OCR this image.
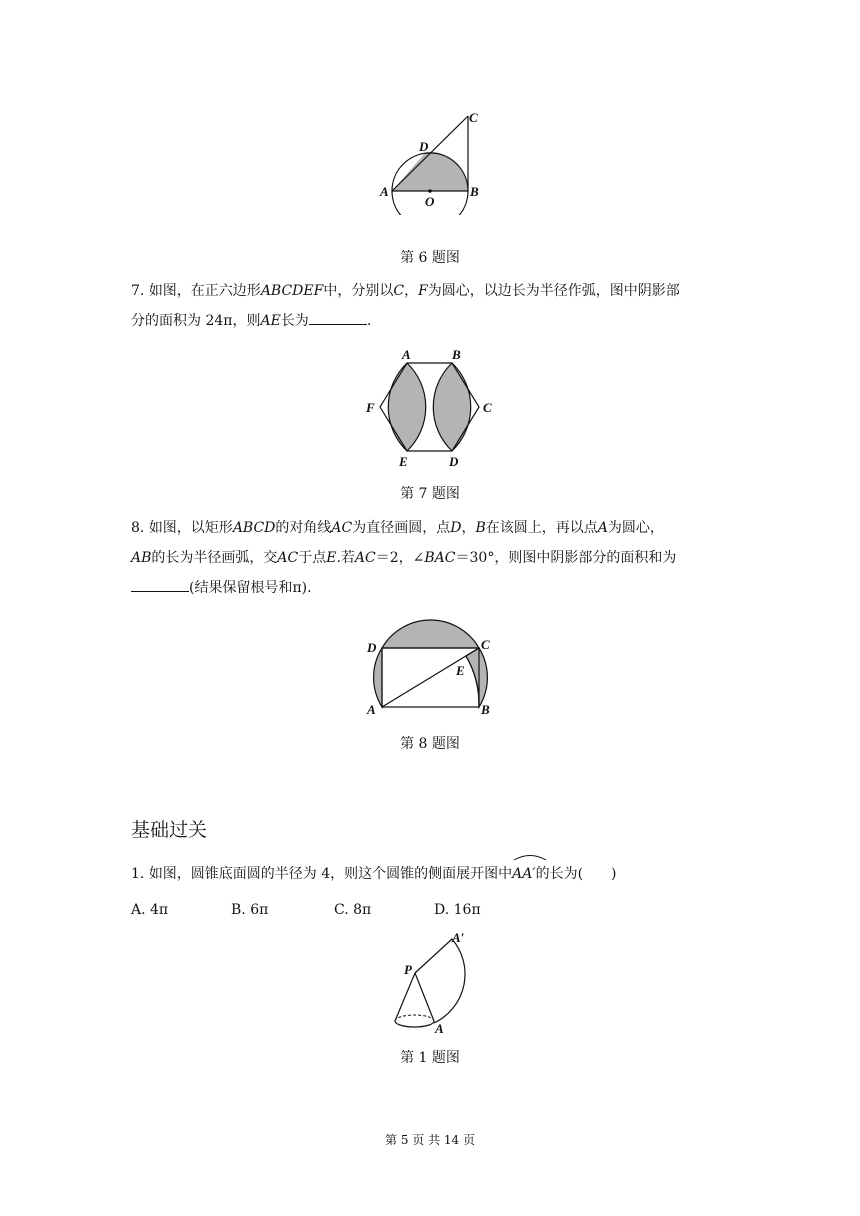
A	B
C
D
O
第 6 题图
7. 如图，在正六边形ABCDEF中，分别以C，F为圆心，以边长为半径作弧，图中阴影部
分的面积为 24π，则AE长为	.
A	B
C
D
E
F
第 7 题图
8. 如图，以矩形ABCD的对角线AC为直径画圆，点D，B在该圆上，再以点A为圆心，
AB的长为半径画弧，交AC于点E.若AC＝2，∠BAC＝30°，则图中阴影部分的面积和为
(结果保留根号和π).
A	B
C
D
E
第 8 题图
基础过关
1. 如图，圆锥底面圆的半径为 4，则这个圆锥的侧面展开图中
AA′的长为(　　)
A. 4π	B. 6π	C. 8π	D. 16π
P
A
A′
第 1 题图
第 5 页 共 14 页
